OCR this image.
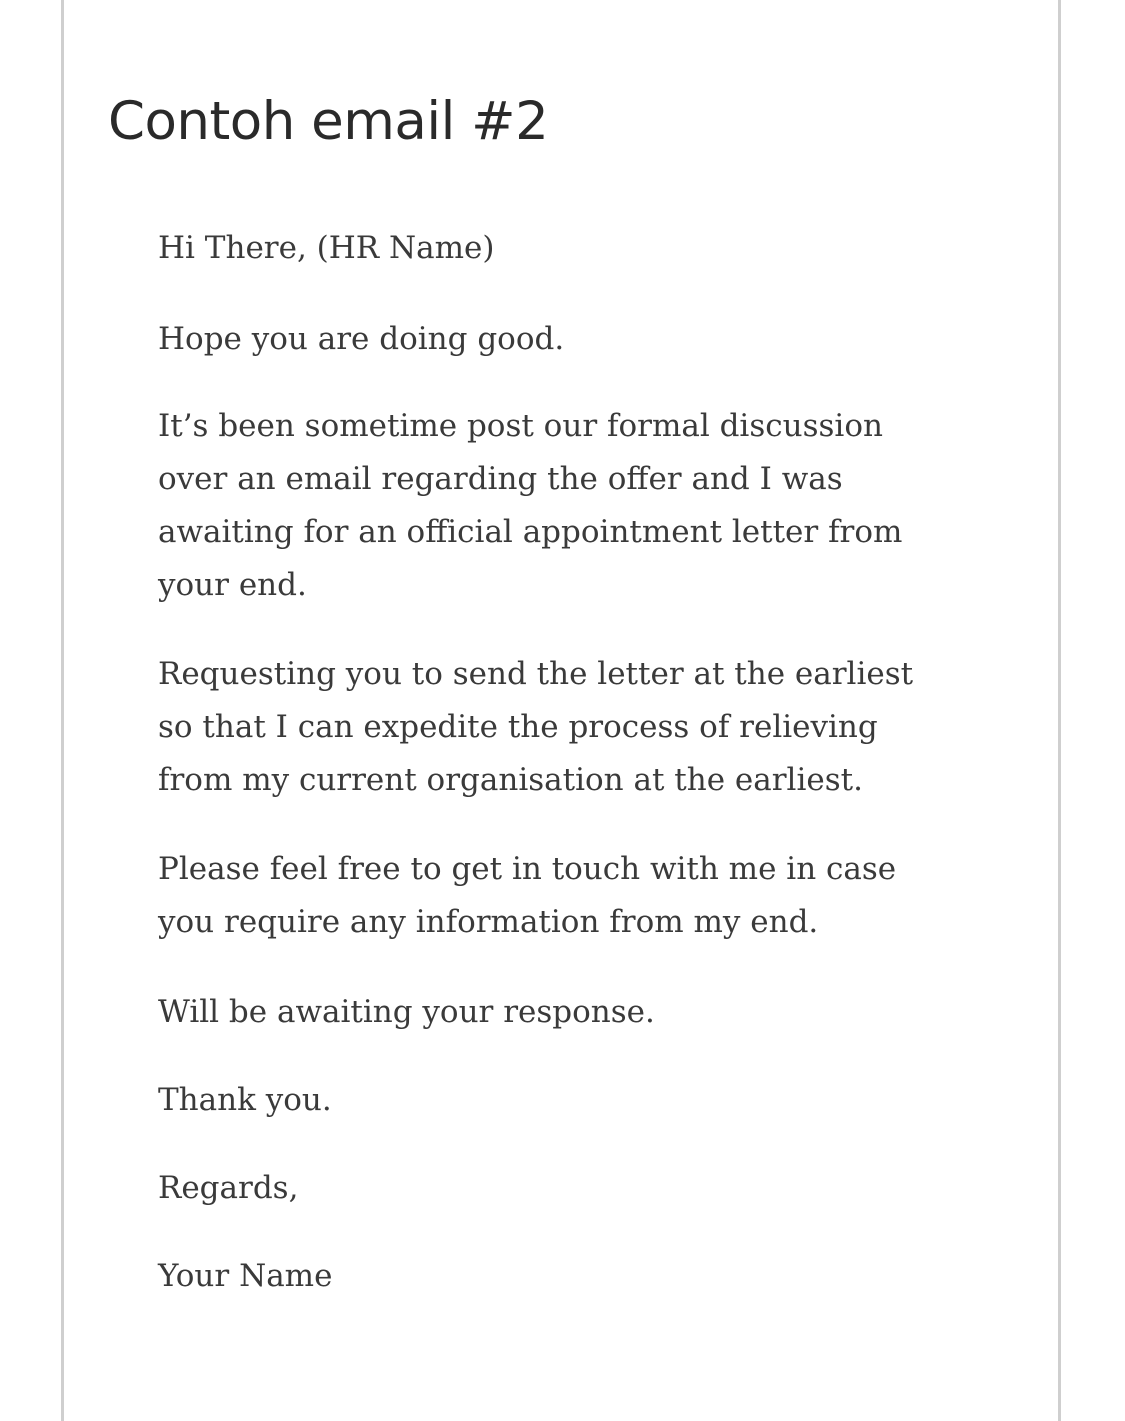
Contoh email #2

Hi There, (HR Name)

Hope you are doing good.

It’s been sometime post our formal discussion
over an email regarding the offer and I was
awaiting for an official appointment letter from
your end.

Requesting you to send the letter at the earliest
so that I can expedite the process of relieving
from my current organisation at the earliest.

Please feel free to get in touch with me in case
you require any information from my end.

Will be awaiting your response.

Thank you.

Regards,

Your Name
